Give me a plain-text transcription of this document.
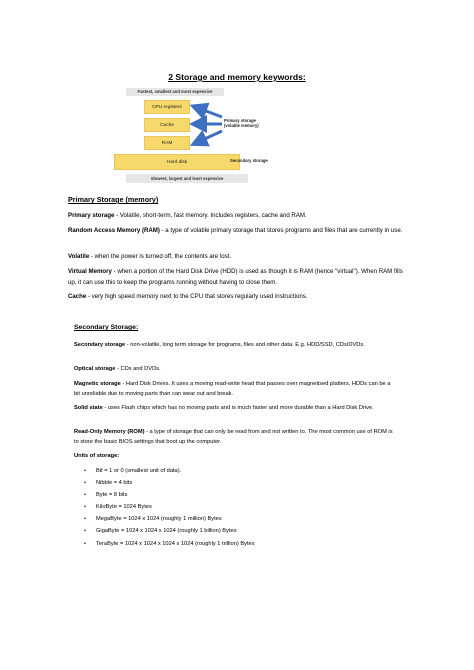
2 Storage and memory keywords:
Fastest, smallest and most expensive
CPU registers
Cache
RAM
Hard disk
Slowest, largest and least expensive
Primary storage
(volatile memory)
Secondary storage
Primary Storage (memory)
Primary storage - Volatile, short-term, fast memory. Includes registers, cache and RAM.
Random Access Memory (RAM) - a type of volatile primary storage that stores programs and files that are currently in use.
Volatile - when the power is turned off, the contents are lost.
Virtual Memory - when a portion of the Hard Disk Drive (HDD) is used as though it is RAM (hence "virtual"). When RAM fills up, it can use this to keep the programs running without having to close them.
Cache - very high speed memory next to the CPU that stores regularly used instructions.
Secondary Storage:
Secondary storage - non-volatile, long term storage for programs, files and other data. E.g. HDD/SSD, CDs/DVDs.
Optical storage - CDs and DVDs.
Magnetic storage - Hard Disk Drives. It uses a moving read-write head that passes over magnetised platters. HDDs can be a bit unreliable due to moving parts than can wear out and break.
Solid state - uses Flash chips which has no moving parts and is much faster and more durable than a Hard Disk Drive.
Read-Only Memory (ROM) - a type of storage that can only be read from and not written to. The most common use of ROM is to store the basic BIOS settings that boot up the computer.
Units of storage:
• Bit = 1 or 0 (smallest unit of data).
• Nibble = 4 bits
• Byte = 8 bits
• KiloByte = 1024 Bytes
• MegaByte = 1024 x 1024 (roughly 1 million) Bytes
• GigaByte = 1024 x 1024 x 1024 (roughly 1 billion) Bytes
• TeraByte = 1024 x 1024 x 1024 x 1024 (roughly 1 trillion) Bytes
